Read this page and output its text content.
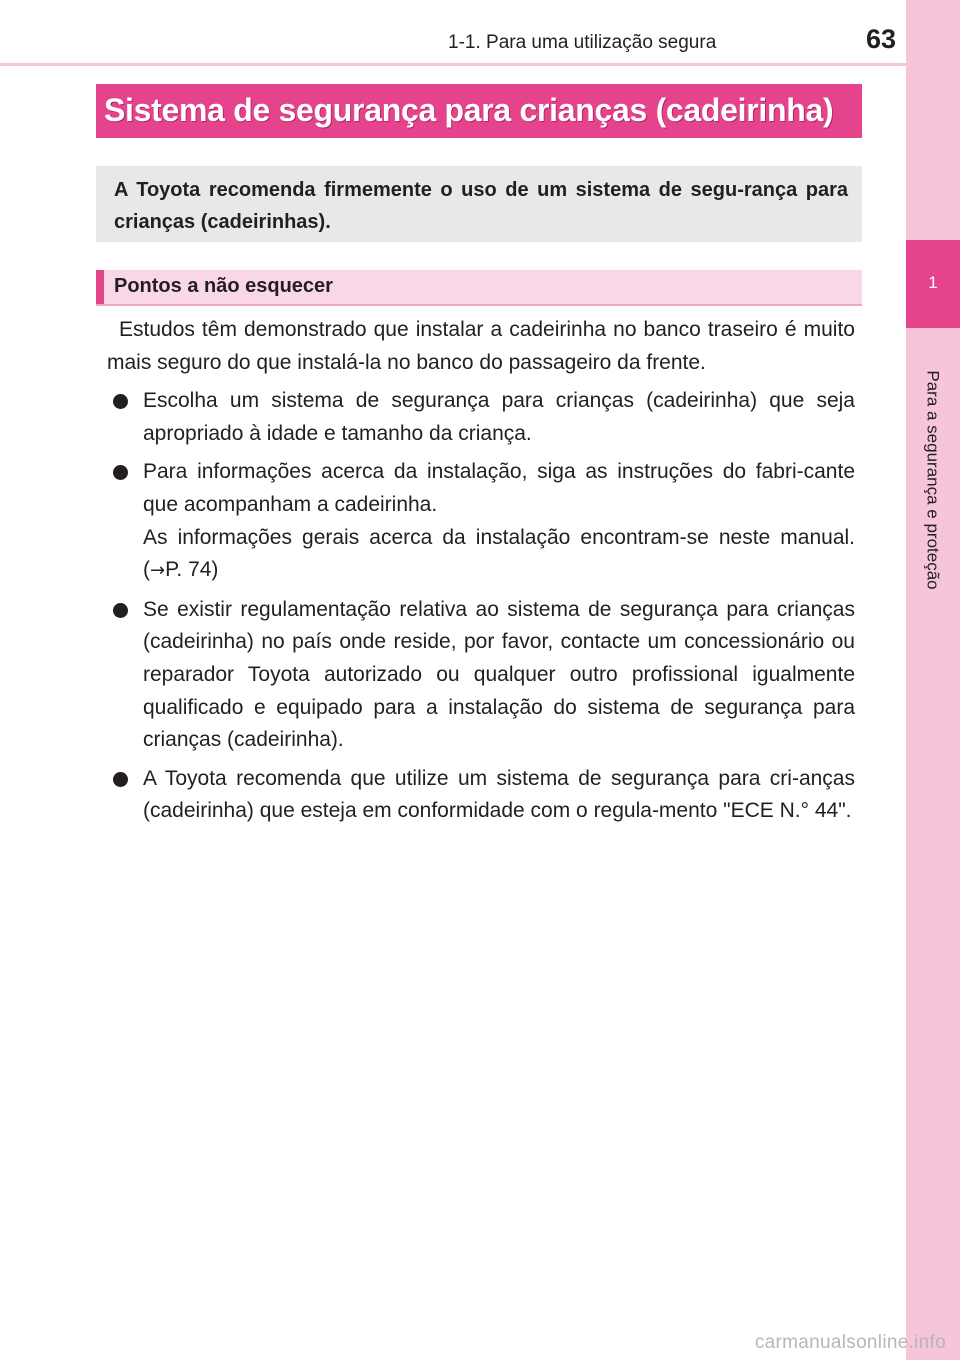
1-1. Para uma utilização segura	63
1
Para a segurança e proteção
Sistema de segurança para crianças (cadeirinha)

A Toyota recomenda firmemente o uso de um sistema de segu-rança para crianças (cadeirinhas).

Pontos a não esquecer

Estudos têm demonstrado que instalar a cadeirinha no banco traseiro é muito mais seguro do que instalá-la no banco do passageiro da frente.

Escolha um sistema de segurança para crianças (cadeirinha) que seja apropriado à idade e tamanho da criança.

Para informações acerca da instalação, siga as instruções do fabri-cante que acompanham a cadeirinha.

As informações gerais acerca da instalação encontram-se neste manual. (→P. 74)

Se existir regulamentação relativa ao sistema de segurança para crianças (cadeirinha) no país onde reside, por favor, contacte um concessionário ou reparador Toyota autorizado ou qualquer outro profissional igualmente qualificado e equipado para a instalação do sistema de segurança para crianças (cadeirinha).

A Toyota recomenda que utilize um sistema de segurança para cri-anças (cadeirinha) que esteja em conformidade com o regula-mento "ECE N.° 44".

carmanualsonline.info
